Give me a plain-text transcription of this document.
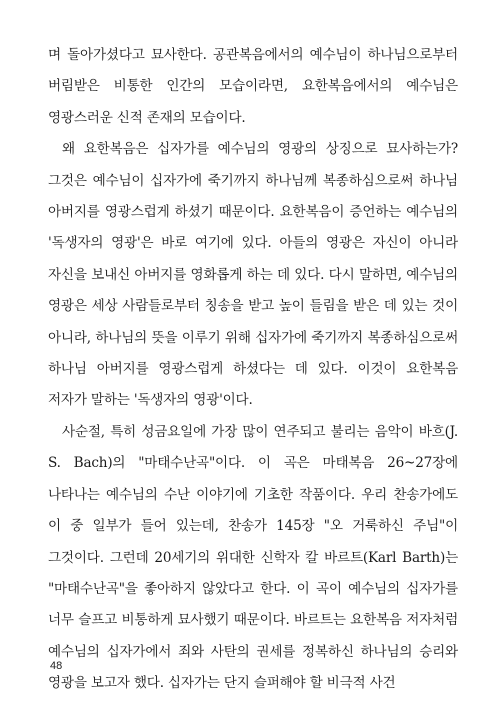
며 돌아가셨다고 묘사한다. 공관복음에서의 예수님이 하나님으로부터 버림받은 비통한 인간의 모습이라면, 요한복음에서의 예수님은 영광스러운 신적 존재의 모습이다.

왜 요한복음은 십자가를 예수님의 영광의 상징으로 묘사하는가? 그것은 예수님이 십자가에 죽기까지 하나님께 복종하심으로써 하나님 아버지를 영광스럽게 하셨기 때문이다. 요한복음이 증언하는 예수님의 '독생자의 영광'은 바로 여기에 있다. 아들의 영광은 자신이 아니라 자신을 보내신 아버지를 영화롭게 하는 데 있다. 다시 말하면, 예수님의 영광은 세상 사람들로부터 칭송을 받고 높이 들림을 받은 데 있는 것이 아니라, 하나님의 뜻을 이루기 위해 십자가에 죽기까지 복종하심으로써 하나님 아버지를 영광스럽게 하셨다는 데 있다. 이것이 요한복음 저자가 말하는 '독생자의 영광'이다.

사순절, 특히 성금요일에 가장 많이 연주되고 불리는 음악이 바흐(J. S. Bach)의 "마태수난곡"이다. 이 곡은 마태복음 26~27장에 나타나는 예수님의 수난 이야기에 기초한 작품이다. 우리 찬송가에도 이 중 일부가 들어 있는데, 찬송가 145장 "오 거룩하신 주님"이 그것이다. 그런데 20세기의 위대한 신학자 칼 바르트(Karl Barth)는 "마태수난곡"을 좋아하지 않았다고 한다. 이 곡이 예수님의 십자가를 너무 슬프고 비통하게 묘사했기 때문이다. 바르트는 요한복음 저자처럼 예수님의 십자가에서 죄와 사탄의 권세를 정복하신 하나님의 승리와 영광을 보고자 했다. 십자가는 단지 슬퍼해야 할 비극적 사건

48
